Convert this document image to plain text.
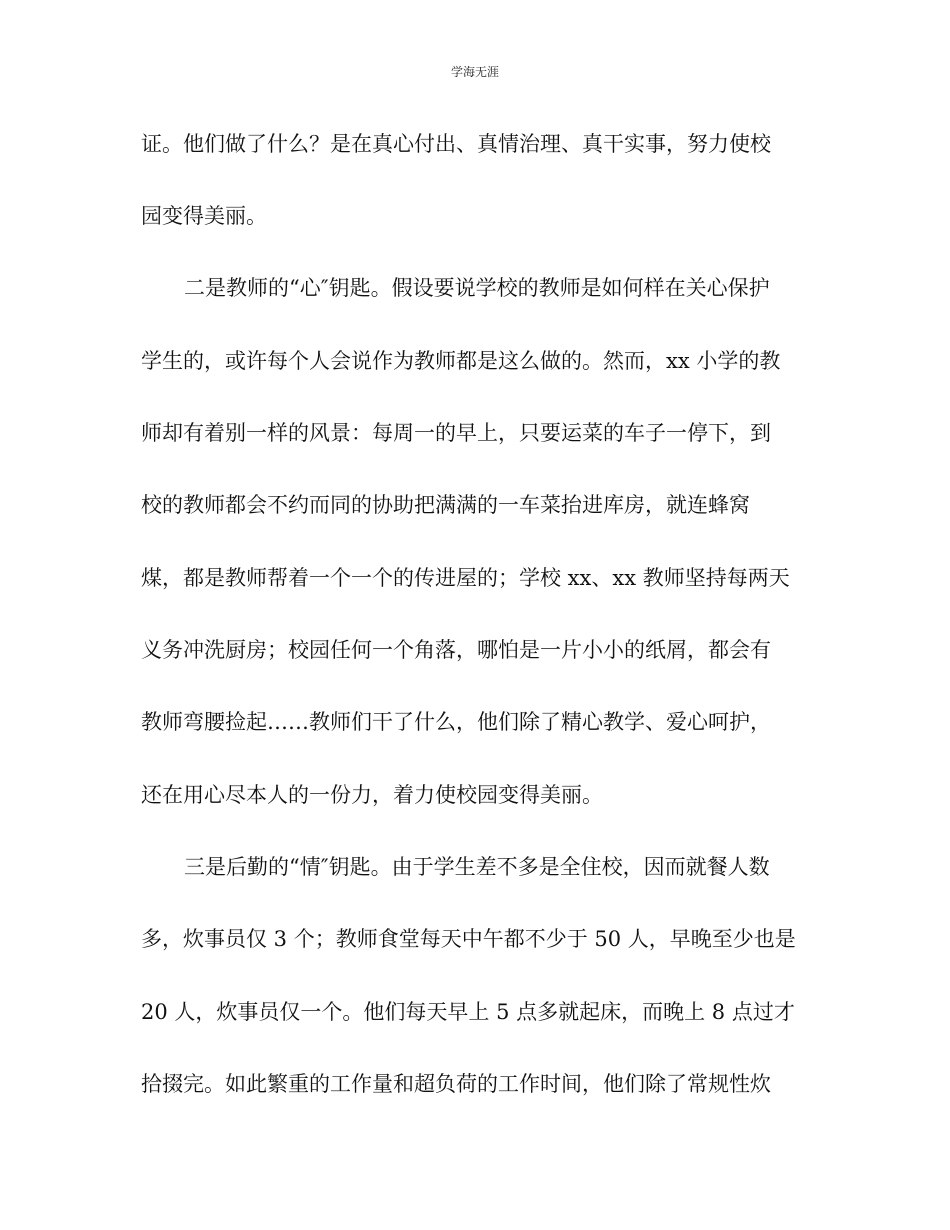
学海无涯
证。他们做了什么？是在真心付出、真情治理、真干实事，努力使校
园变得美丽。
二是教师的“心″钥匙。假设要说学校的教师是如何样在关心保护
学生的，或许每个人会说作为教师都是这么做的。然而，xx 小学的教
师却有着别一样的风景：每周一的早上，只要运菜的车子一停下，到
校的教师都会不约而同的协助把满满的一车菜抬进库房，就连蜂窝
煤，都是教师帮着一个一个的传进屋的；学校 xx、xx 教师坚持每两天
义务冲洗厨房；校园任何一个角落，哪怕是一片小小的纸屑，都会有
教师弯腰捡起……教师们干了什么，他们除了精心教学、爱心呵护，
还在用心尽本人的一份力，着力使校园变得美丽。
三是后勤的“情″钥匙。由于学生差不多是全住校，因而就餐人数
多，炊事员仅 3 个；教师食堂每天中午都不少于 50 人，早晚至少也是
20 人，炊事员仅一个。他们每天早上 5 点多就起床，而晚上 8 点过才
拾掇完。如此繁重的工作量和超负荷的工作时间，他们除了常规性炊
